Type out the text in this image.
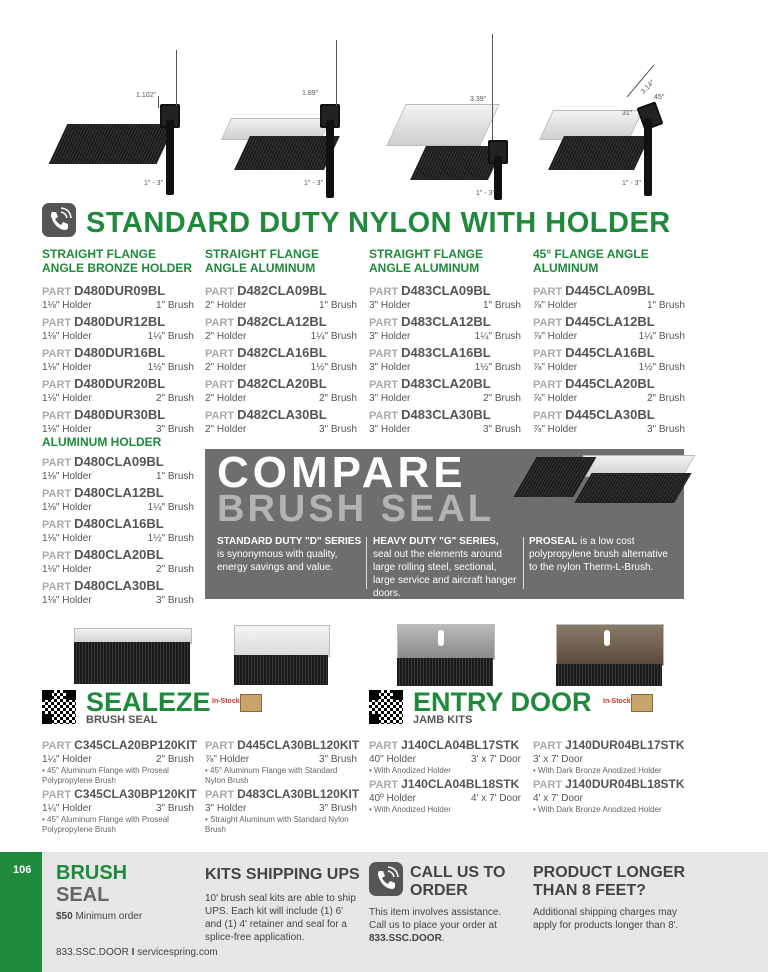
1.102"
1" - 3"
1.89"
1" - 3"
3.39"
1" - 3"
3.14"
45°
31°
1" - 3"
STANDARD DUTY NYLON WITH HOLDER
STRAIGHT FLANGE ANGLE BRONZE HOLDER
PART D480DUR09BL
1⅛" Holder	1" Brush
PART D480DUR12BL
1⅛" Holder	1¼" Brush
PART D480DUR16BL
1⅛" Holder	1½" Brush
PART D480DUR20BL
1⅛" Holder	2" Brush
PART D480DUR30BL
1⅛" Holder	3" Brush
STRAIGHT FLANGE ANGLE ALUMINUM
PART D482CLA09BL
2" Holder	1" Brush
PART D482CLA12BL
2" Holder	1¼" Brush
PART D482CLA16BL
2" Holder	1½" Brush
PART D482CLA20BL
2" Holder	2" Brush
PART D482CLA30BL
2" Holder	3" Brush
STRAIGHT FLANGE ANGLE ALUMINUM
PART D483CLA09BL
3" Holder	1" Brush
PART D483CLA12BL
3" Holder	1¼" Brush
PART D483CLA16BL
3" Holder	1½" Brush
PART D483CLA20BL
3" Holder	2" Brush
PART D483CLA30BL
3" Holder	3" Brush
45° FLANGE ANGLE ALUMINUM
PART D445CLA09BL
⅞" Holder	1" Brush
PART D445CLA12BL
⅞" Holder	1¼" Brush
PART D445CLA16BL
⅞" Holder	1½" Brush
PART D445CLA20BL
⅞" Holder	2" Brush
PART D445CLA30BL
⅞" Holder	3" Brush
ALUMINUM HOLDER
PART D480CLA09BL
1⅛" Holder	1" Brush
PART D480CLA12BL
1⅛" Holder	1¼" Brush
PART D480CLA16BL
1⅛" Holder	1½" Brush
PART D480CLA20BL
1⅛" Holder	2" Brush
PART D480CLA30BL
1⅛" Holder	3" Brush
COMPARE
BRUSH SEAL
STANDARD DUTY "D" SERIES is synonymous with quality, energy savings and value.
HEAVY DUTY "G" SERIES, seal out the elements around large rolling steel, sectional, large service and aircraft hanger doors.
PROSEAL is a low cost polypropylene brush alternative to the nylon Therm-L-Brush.
SEALEZE
BRUSH SEAL
In-Stock
PART C345CLA20BP120KIT
1¼" Holder	2" Brush
• 45° Aluminum Flange with Proseal Polypropylene Brush
PART C345CLA30BP120KIT
1¼" Holder	3" Brush
• 45° Aluminum Flange with Proseal Polypropylene Brush
PART D445CLA30BL120KIT
⅞" Holder	3" Brush
• 45° Aluminum Flange with Standard Nylon Brush
PART D483CLA30BL120KIT
3" Holder	3" Brush
• Straight Aluminum with Standard Nylon Brush
ENTRY DOOR
JAMB KITS
In-Stock
PART J140CLA04BL17STK
40" Holder	3' x 7' Door
• With Anodized Holder
PART J140CLA04BL18STK
40º Holder	4' x 7' Door
• With Anodized Holder
PART J140DUR04BL17STK
3' x 7' Door
• With Dark Bronze Anodized Holder
PART J140DUR04BL18STK
4' x 7' Door
• With Dark Bronze Anodized Holder
106 BRUSH
SEAL
$50 Minimum order
833.SSC.DOOR I servicespring.com
KITS SHIPPING UPS
10' brush seal kits are able to ship UPS. Each kit will include (1) 6' and (1) 4' retainer and seal for a splice-free application.
CALL US TO
ORDER
This item involves assistance. Call us to place your order at 833.SSC.DOOR.
PRODUCT LONGER
THAN 8 FEET?
Additional shipping charges may apply for products longer than 8'.
